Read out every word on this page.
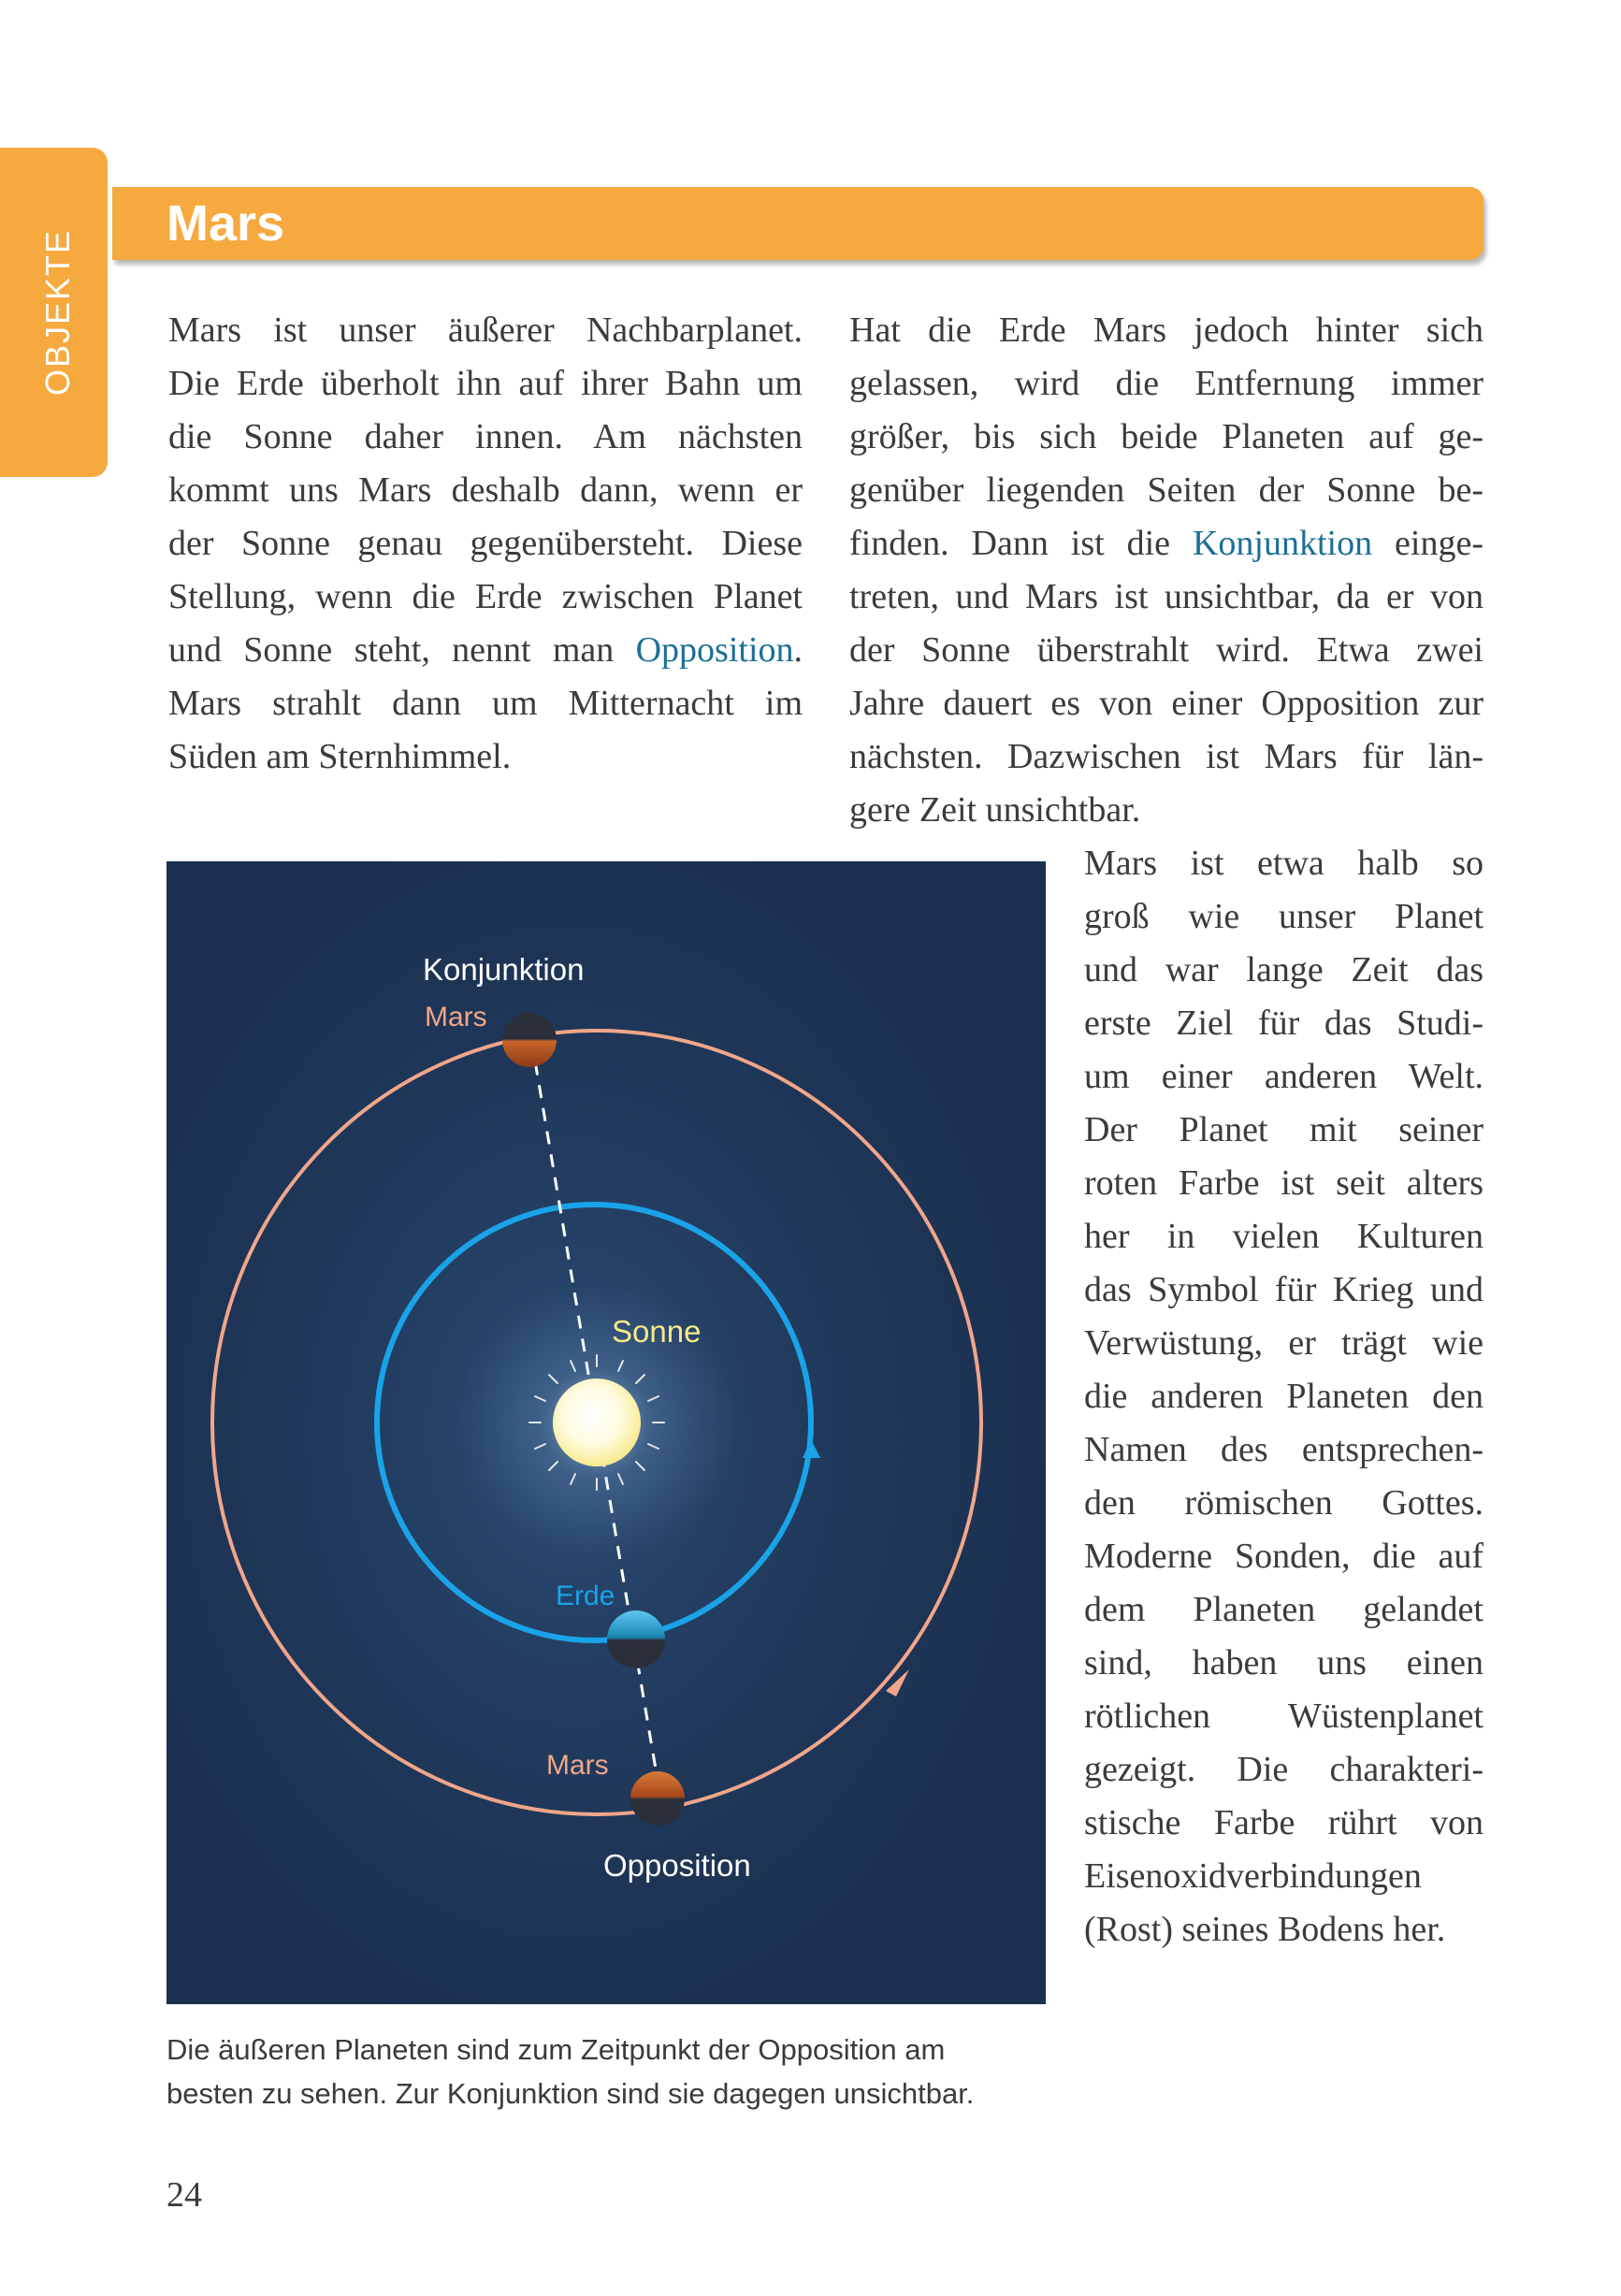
OBJEKTE
Mars
Mars ist unser äußerer Nachbarplanet.
Die Erde überholt ihn auf ihrer Bahn um
die Sonne daher innen. Am nächsten
kommt uns Mars deshalb dann, wenn er
der Sonne genau gegenübersteht. Diese
Stellung, wenn die Erde zwischen Planet
und Sonne steht, nennt man Opposition.
Mars strahlt dann um Mitternacht im
Süden am Sternhimmel.
Hat die Erde Mars jedoch hinter sich
gelassen, wird die Entfernung immer
größer, bis sich beide Planeten auf ge-
genüber liegenden Seiten der Sonne be-
finden. Dann ist die Konjunktion einge-
treten, und Mars ist unsichtbar, da er von
der Sonne überstrahlt wird. Etwa zwei
Jahre dauert es von einer Opposition zur
nächsten. Dazwischen ist Mars für län-
gere Zeit unsichtbar.
Mars ist etwa halb so
groß wie unser Planet
und war lange Zeit das
erste Ziel für das Studi-
um einer anderen Welt.
Der Planet mit seiner
roten Farbe ist seit alters
her in vielen Kulturen
das Symbol für Krieg und
Verwüstung, er trägt wie
die anderen Planeten den
Namen des entsprechen-
den römischen Gottes.
Moderne Sonden, die auf
dem Planeten gelandet
sind, haben uns einen
rötlichen Wüstenplanet
gezeigt. Die charakteri-
stische Farbe rührt von
Eisenoxidverbindungen
(Rost) seines Bodens her.
Konjunktion
Mars
Sonne
Erde
Mars
Opposition
Die äußeren Planeten sind zum Zeitpunkt der Opposition am
besten zu sehen. Zur Konjunktion sind sie dagegen unsichtbar.
24
